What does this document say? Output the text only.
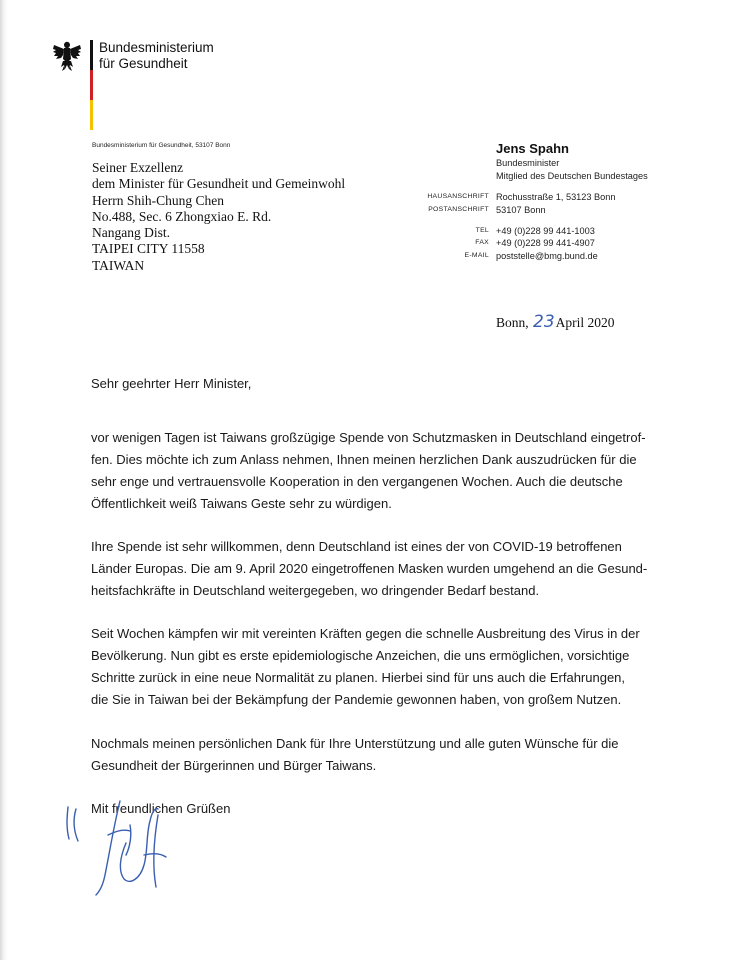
Bundesministerium
für Gesundheit
Bundesministerium für Gesundheit, 53107 Bonn
Seiner Exzellenz
dem Minister für Gesundheit und Gemeinwohl
Herrn Shih-Chung Chen
No.488, Sec. 6 Zhongxiao E. Rd.
Nangang Dist.
TAIPEI CITY 11558
TAIWAN
Jens Spahn
Bundesminister
Mitglied des Deutschen Bundestages
HAUSANSCHRIFT
POSTANSCHRIFT
TEL
FAX
E-MAIL
Rochusstraße 1, 53123 Bonn
53107 Bonn
+49 (0)228 99 441-1003
+49 (0)228 99 441-4907
poststelle@bmg.bund.de
Bonn, 23April 2020
Sehr geehrter Herr Minister,
vor wenigen Tagen ist Taiwans großzügige Spende von Schutzmasken in Deutschland eingetrof-
fen. Dies möchte ich zum Anlass nehmen, Ihnen meinen herzlichen Dank auszudrücken für die
sehr enge und vertrauensvolle Kooperation in den vergangenen Wochen. Auch die deutsche
Öffentlichkeit weiß Taiwans Geste sehr zu würdigen.
Ihre Spende ist sehr willkommen, denn Deutschland ist eines der von COVID-19 betroffenen
Länder Europas. Die am 9. April 2020 eingetroffenen Masken wurden umgehend an die Gesund-
heitsfachkräfte in Deutschland weitergegeben, wo dringender Bedarf bestand.
Seit Wochen kämpfen wir mit vereinten Kräften gegen die schnelle Ausbreitung des Virus in der
Bevölkerung. Nun gibt es erste epidemiologische Anzeichen, die uns ermöglichen, vorsichtige
Schritte zurück in eine neue Normalität zu planen. Hierbei sind für uns auch die Erfahrungen,
die Sie in Taiwan bei der Bekämpfung der Pandemie gewonnen haben, von großem Nutzen.
Nochmals meinen persönlichen Dank für Ihre Unterstützung und alle guten Wünsche für die
Gesundheit der Bürgerinnen und Bürger Taiwans.
Mit freundlichen Grüßen
